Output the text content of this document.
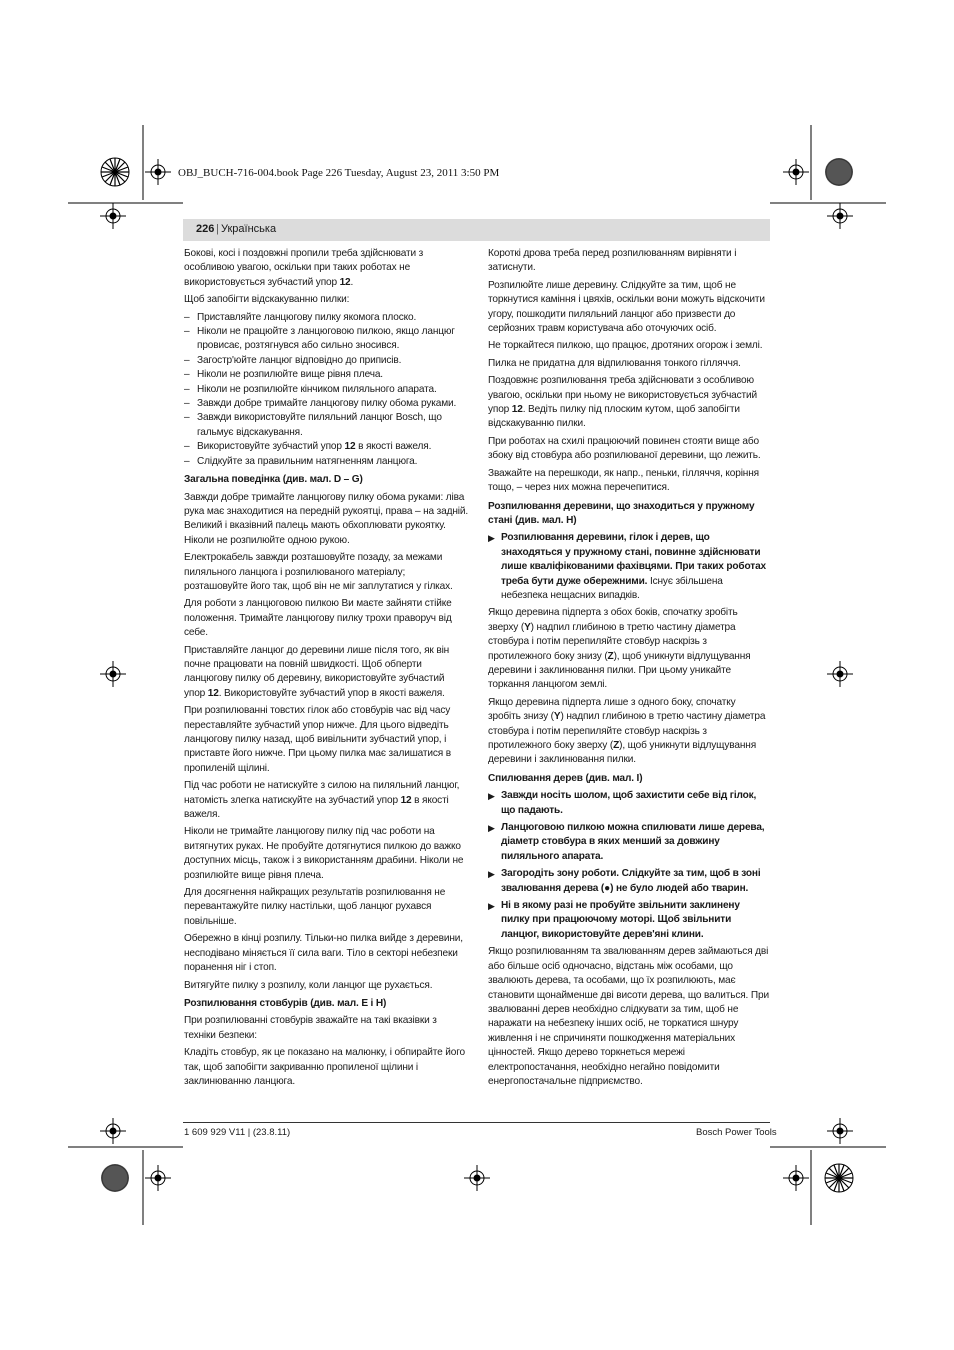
OBJ_BUCH-716-004.book Page 226 Tuesday, August 23, 2011 3:50 PM
226 | Українська

Бокові, косі і поздовжні пропили треба здійснювати з особливою увагою, оскільки при таких роботах не використовується зубчастий упор 12.

Щоб запобігти відскакуванню пилки:

– Приставляйте ланцюгову пилку якомога плоско.
– Ніколи не працюйте з ланцюговою пилкою, якщо ланцюг провисає, розтягнувся або сильно зносився.
– Загостр'юйте ланцюг відповідно до приписів.
– Ніколи не розпилюйте вище рівня плеча.
– Ніколи не розпилюйте кінчиком пиляльного апарата.
– Завжди добре тримайте ланцюгову пилку обома руками.
– Завжди використовуйте пиляльний ланцюг Bosch, що гальмує відскакування.
– Використовуйте зубчастий упор 12 в якості важеля.
– Слідкуйте за правильним натягненням ланцюга.

Загальна поведінка (див. мал. D – G)

Завжди добре тримайте ланцюгову пилку обома руками: ліва рука має знаходитися на передній рукоятці, права – на задній. Великий і вказівний палець мають обхоплювати рукоятку. Ніколи не розпилюйте одною рукою.

Електрокабель завжди розташовуйте позаду, за межами пиляльного ланцюга і розпилюваного матеріалу; розташовуйте його так, щоб він не міг заплутатися у гілках.

Для роботи з ланцюговою пилкою Ви маєте зайняти стійке положення. Тримайте ланцюгову пилку трохи праворуч від себе.

Приставляйте ланцюг до деревини лише після того, як він почне працювати на повній швидкості. Щоб обперти ланцюгову пилку об деревину, використовуйте зубчастий упор 12. Використовуйте зубчастий упор в якості важеля.

При розпилюванні товстих гілок або стовбурів час від часу переставляйте зубчастий упор нижче. Для цього відведіть ланцюгову пилку назад, щоб вивільнити зубчастий упор, і приставте його нижче. При цьому пилка має залишатися в пропиленій щілині.

Під час роботи не натискуйте з силою на пиляльний ланцюг, натомість злегка натискуйте на зубчастий упор 12 в якості важеля.

Ніколи не тримайте ланцюгову пилку під час роботи на витягнутих руках. Не пробуйте дотягнутися пилкою до важко доступних місць, також і з використанням драбини. Ніколи не розпилюйте вище рівня плеча.

Для досягнення найкращих результатів розпилювання не перевантажуйте пилку настільки, щоб ланцюг рухався повільніше.

Обережно в кінці розпилу. Тільки-но пилка вийде з деревини, несподівано міняється її сила ваги. Тіло в секторі небезпеки поранення ніг і стоп.

Витягуйте пилку з розпилу, коли ланцюг ще рухається.

Розпилювання стовбурів (див. мал. E і H)

При розпилюванні стовбурів зважайте на такі вказівки з техніки безпеки:

Кладіть стовбур, як це показано на малюнку, і обпирайте його так, щоб запобігти закриванню пропиленої щілини і заклинюванню ланцюга.

Короткі дрова треба перед розпилюванням вирівняти і затиснути.

Розпилюйте лише деревину. Слідкуйте за тим, щоб не торкнутися каміння і цвяхів, оскільки вони можуть відскочити угору, пошкодити пиляльний ланцюг або призвести до серйозних травм користувача або оточуючих осіб.

Не торкайтеся пилкою, що працює, дротяних огорож і землі.

Пилка не придатна для відпилювання тонкого гілляччя.

Поздовжнє розпилювання треба здійснювати з особливою увагою, оскільки при ньому не використовується зубчастий упор 12. Ведіть пилку під плоским кутом, щоб запобігти відскакуванню пилки.

При роботах на схилі працюючий повинен стояти вище або збоку від стовбура або розпилюваної деревини, що лежить.

Зважайте на перешкоди, як напр., пеньки, гілляччя, коріння тощо, – через них можна перечепитися.

Розпилювання деревини, що знаходиться у пружному стані (див. мал. H)

▶ Розпилювання деревини, гілок і дерев, що знаходяться у пружному стані, повинне здійснювати лише кваліфікованими фахівцями. При таких роботах треба бути дуже обережними. Існує збільшена небезпека нещасних випадків.

Якщо деревина підперта з обох боків, спочатку зробіть зверху (Y) надпил глибиною в третю частину діаметра стовбура і потім перепиляйте стовбур наскрізь з протилежного боку знизу (Z), щоб уникнути відлущування деревини і заклинювання пилки. При цьому уникайте торкання ланцюгом землі.

Якщо деревина підперта лише з одного боку, спочатку зробіть знизу (Y) надпил глибиною в третю частину діаметра стовбура і потім перепиляйте стовбур наскрізь з протилежного боку зверху (Z), щоб уникнути відлущування деревини і заклинювання пилки.

Спилювання дерев (див. мал. I)

▶ Завжди носіть шолом, щоб захистити себе від гілок, що падають.
▶ Ланцюговою пилкою можна спилювати лише дерева, діаметр стовбура в яких менший за довжину пиляльного апарата.
▶ Загородіть зону роботи. Слідкуйте за тим, щоб в зоні звалювання дерева (●) не було людей або тварин.
▶ Ні в якому разі не пробуйте звільнити заклинену пилку при працюючому моторі. Щоб звільнити ланцюг, використовуйте дерев'яні клини.

Якщо розпилюванням та звалюванням дерев займаються дві або більше осіб одночасно, відстань між особами, що звалюють дерева, та особами, що їх розпилюють, має становити щонайменше дві висоти дерева, що валиться. При звалюванні дерев необхідно слідкувати за тим, щоб не наражати на небезпеку інших осіб, не торкатися шнуру живлення і не спричиняти пошкодження матеріальних цінностей. Якщо дерево торкнеться мережі електропостачання, необхідно негайно повідомити енергопостачальне підприємство.

1 609 929 V11 | (23.8.11)	Bosch Power Tools
